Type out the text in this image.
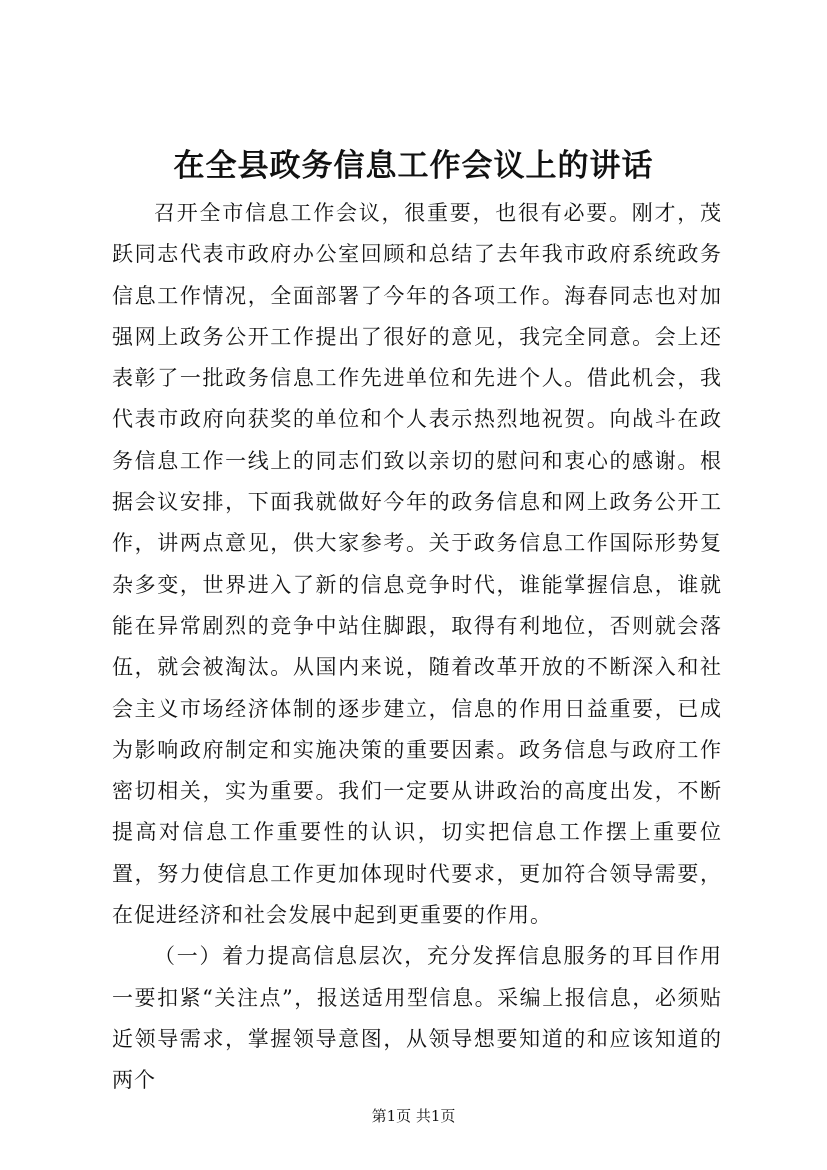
在全县政务信息工作会议上的讲话

召开全市信息工作会议，很重要，也很有必要。刚才，茂跃同志代表市政府办公室回顾和总结了去年我市政府系统政务信息工作情况，全面部署了今年的各项工作。海春同志也对加强网上政务公开工作提出了很好的意见，我完全同意。会上还表彰了一批政务信息工作先进单位和先进个人。借此机会，我代表市政府向获奖的单位和个人表示热烈地祝贺。向战斗在政务信息工作一线上的同志们致以亲切的慰问和衷心的感谢。根据会议安排，下面我就做好今年的政务信息和网上政务公开工作，讲两点意见，供大家参考。关于政务信息工作国际形势复杂多变，世界进入了新的信息竞争时代，谁能掌握信息，谁就能在异常剧烈的竞争中站住脚跟，取得有利地位，否则就会落伍，就会被淘汰。从国内来说，随着改革开放的不断深入和社会主义市场经济体制的逐步建立，信息的作用日益重要，已成为影响政府制定和实施决策的重要因素。政务信息与政府工作密切相关，实为重要。我们一定要从讲政治的高度出发，不断提高对信息工作重要性的认识，切实把信息工作摆上重要位置，努力使信息工作更加体现时代要求，更加符合领导需要，在促进经济和社会发展中起到更重要的作用。

（一）着力提高信息层次，充分发挥信息服务的耳目作用一要扣紧“关注点”，报送适用型信息。采编上报信息，必须贴近领导需求，掌握领导意图，从领导想要知道的和应该知道的两个

第1页 共1页
